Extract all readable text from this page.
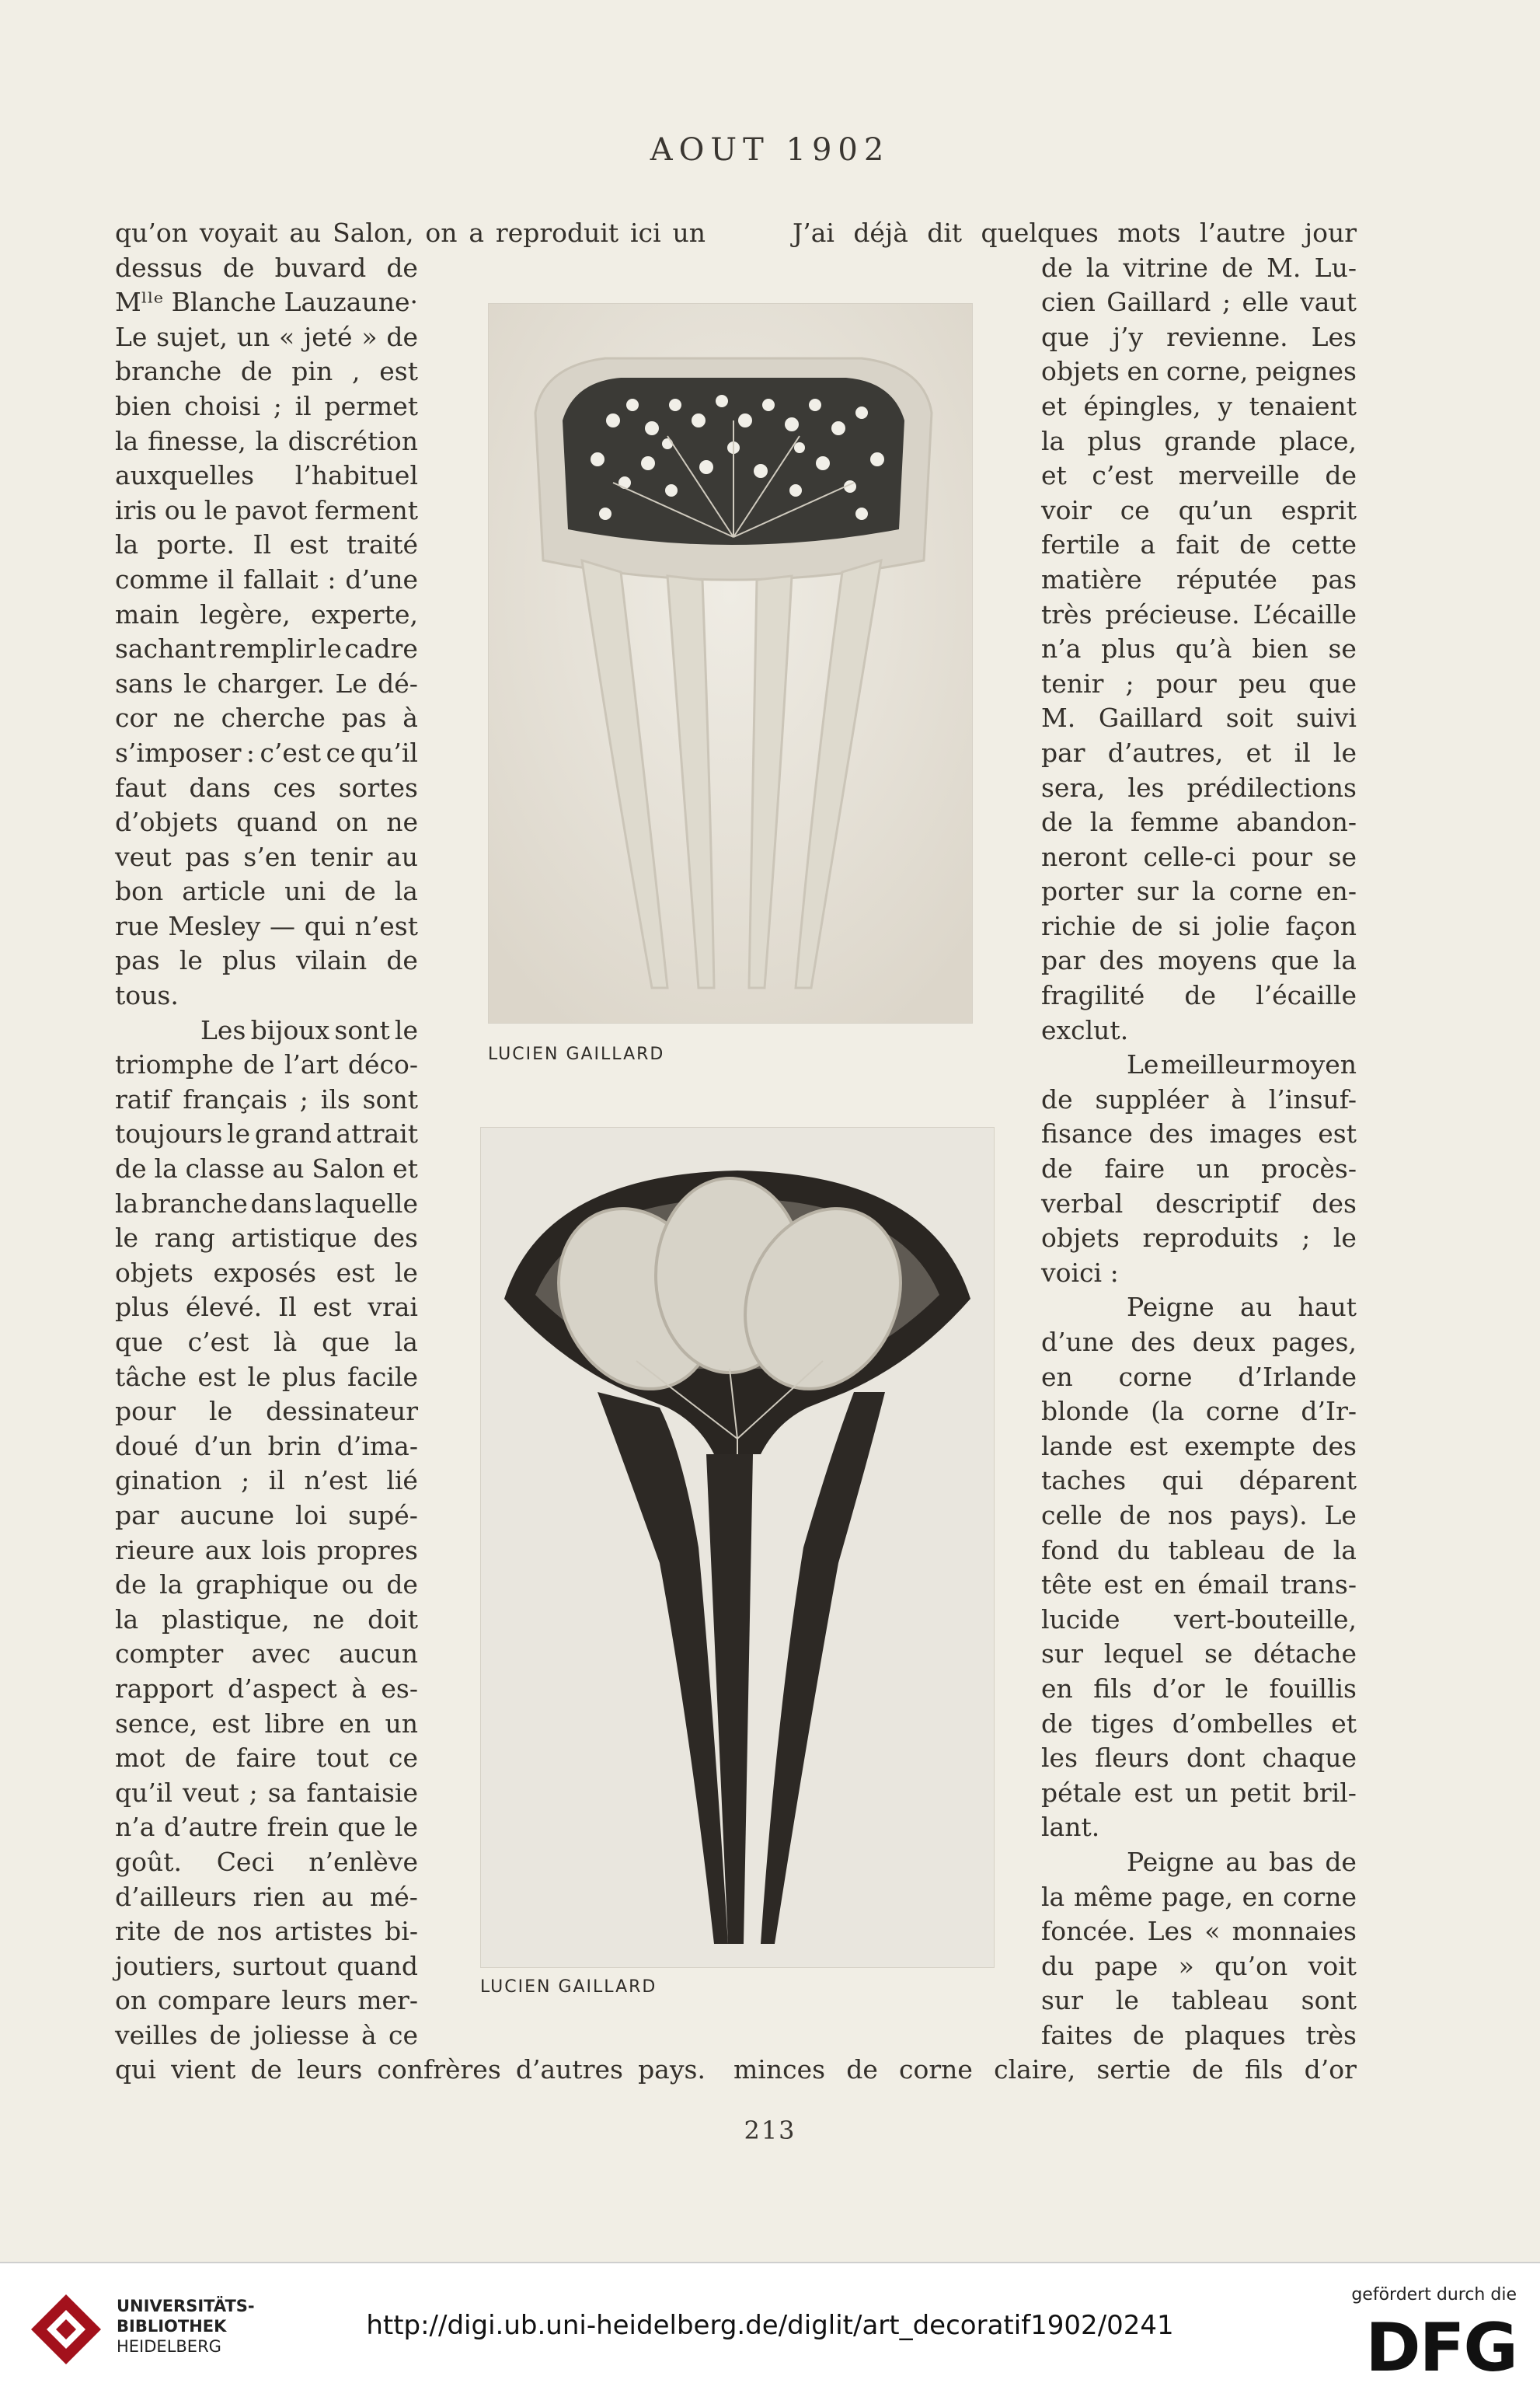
AOUT 1902
qu’on voyait au Salon, on a reproduit ici un
dessus de buvard de
Mˡˡᵉ Blanche Lauzaune·
Le sujet, un « jeté » de
branche de pin , est
bien choisi ; il permet
la finesse, la discrétion
auxquelles l’habituel
iris ou le pavot ferment
la porte. Il est traité
comme il fallait : d’une
main legère, experte,
sachant remplir le cadre
sans le charger. Le dé-
cor ne cherche pas à
s’imposer : c’est ce qu’il
faut dans ces sortes
d’objets quand on ne
veut pas s’en tenir au
bon article uni de la
rue Mesley — qui n’est
pas le plus vilain de
tous.
Les bijoux sont le
triomphe de l’art déco-
ratif français ; ils sont
toujours le grand attrait
de la classe au Salon et
la branche dans laquelle
le rang artistique des
objets exposés est le
plus élevé. Il est vrai
que c’est là que la
tâche est le plus facile
pour le dessinateur
doué d’un brin d’ima-
gination ; il n’est lié
par aucune loi supé-
rieure aux lois propres
de la graphique ou de
la plastique, ne doit
compter avec aucun
rapport d’aspect à es-
sence, est libre en un
mot de faire tout ce
qu’il veut ; sa fantaisie
n’a d’autre frein que le
goût. Ceci n’enlève
d’ailleurs rien au mé-
rite de nos artistes bi-
joutiers, surtout quand
on compare leurs mer-
veilles de joliesse à ce
qui vient de leurs confrères d’autres pays.
J’ai déjà dit quelques mots l’autre jour
de la vitrine de M. Lu-
cien Gaillard ; elle vaut
que j’y revienne. Les
objets en corne, peignes
et épingles, y tenaient
la plus grande place,
et c’est merveille de
voir ce qu’un esprit
fertile a fait de cette
matière réputée pas
très précieuse. L’écaille
n’a plus qu’à bien se
tenir ; pour peu que
M. Gaillard soit suivi
par d’autres, et il le
sera, les prédilections
de la femme abandon-
neront celle-ci pour se
porter sur la corne en-
richie de si jolie façon
par des moyens que la
fragilité de l’écaille
exclut.
Le meilleur moyen
de suppléer à l’insuf-
fisance des images est
de faire un procès-
verbal descriptif des
objets reproduits ; le
voici :
Peigne au haut
d’une des deux pages,
en corne d’Irlande
blonde (la corne d’Ir-
lande est exempte des
taches qui déparent
celle de nos pays). Le
fond du tableau de la
tête est en émail trans-
lucide vert-bouteille,
sur lequel se détache
en fils d’or le fouillis
de tiges d’ombelles et
les fleurs dont chaque
pétale est un petit bril-
lant.
Peigne au bas de
la même page, en corne
foncée. Les « monnaies
du pape » qu’on voit
sur le tableau sont
faites de plaques très
minces de corne claire, sertie de fils d’or
LUCIEN GAILLARD
LUCIEN GAILLARD
213
UNIVERSITÄTS-
BIBLIOTHEK
HEIDELBERG
http://digi.ub.uni-heidelberg.de/diglit/art_decoratif1902/0241
gefördert durch die
DFG
